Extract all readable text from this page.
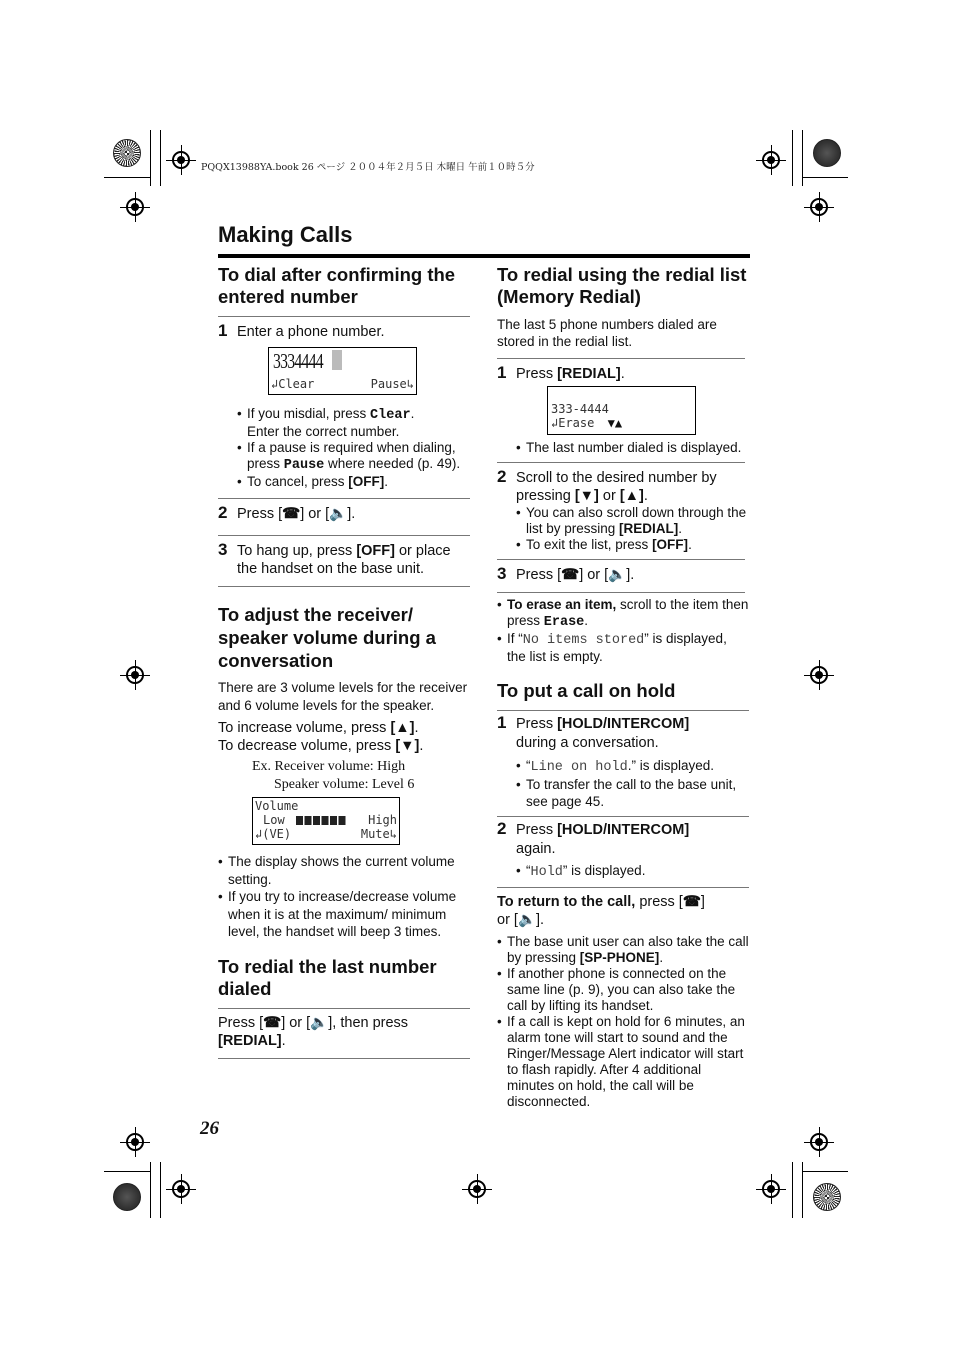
PQQX13988YA.book 26 ページ ２００４年２月５日 木曜日 午前１０時５分
Making Calls
To dial after confirming the entered number
1 Enter a phone number.
3334444
↲Clear	Pause↳
• If you misdial, press Clear.
Enter the correct number.
• If a pause is required when dialing, press Pause where needed (p. 49).
• To cancel, press [OFF].
2 Press [☎] or [🔈].
3 To hang up, press [OFF] or place the handset on the base unit.
To adjust the receiver/ speaker volume during a conversation
There are 3 volume levels for the receiver and 6 volume levels for the speaker.
To increase volume, press [▲].
To decrease volume, press [▼].
Ex. Receiver volume: High
Speaker volume: Level 6
Volume
Low	High
↲(VE)	Mute↳
• The display shows the current volume setting.
• If you try to increase/decrease volume when it is at the maximum/ minimum level, the handset will beep 3 times.
To redial the last number dialed
Press [☎] or [🔈], then press
[REDIAL].
To redial using the redial list (Memory Redial)
The last 5 phone numbers dialed are stored in the redial list.
1 Press [REDIAL].
333-4444
↲Erase ▼▲
• The last number dialed is displayed.
2 Scroll to the desired number by pressing [▼] or [▲].
• You can also scroll down through the list by pressing [REDIAL].
• To exit the list, press [OFF].
3 Press [☎] or [🔈].
• To erase an item, scroll to the item then press Erase.
• If “No items stored” is displayed, the list is empty.
To put a call on hold
1 Press [HOLD/INTERCOM]
during a conversation.
• “Line on hold.” is displayed.
• To transfer the call to the base unit, see page 45.
2 Press [HOLD/INTERCOM]
again.
• “Hold” is displayed.
To return to the call, press [☎]
or [🔈].
• The base unit user can also take the call by pressing [SP-PHONE].
• If another phone is connected on the same line (p. 9), you can also take the call by lifting its handset.
• If a call is kept on hold for 6 minutes, an alarm tone will start to sound and the Ringer/Message Alert indicator will start to flash rapidly. After 4 additional minutes on hold, the call will be disconnected.
26
